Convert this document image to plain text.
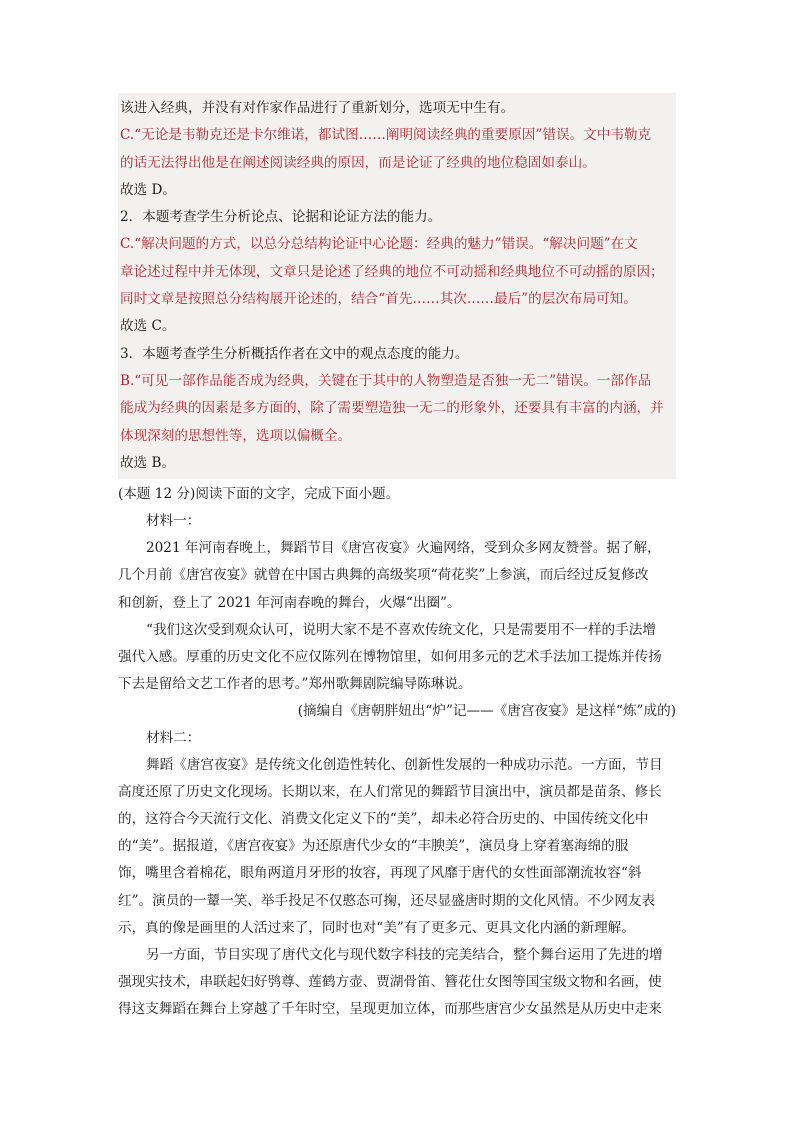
该进入经典，并没有对作家作品进行了重新划分，选项无中生有。
C.“无论是韦勒克还是卡尔维诺，都试图……阐明阅读经典的重要原因”错误。文中韦勒克
的话无法得出他是在阐述阅读经典的原因，而是论证了经典的地位稳固如泰山。
故选 D。
2．本题考查学生分析论点、论据和论证方法的能力。
C.“解决问题的方式，以总分总结构论证中心论题：经典的魅力”错误。“解决问题”在文
章论述过程中并无体现，文章只是论述了经典的地位不可动摇和经典地位不可动摇的原因；
同时文章是按照总分结构展开论述的，结合“首先……其次……最后”的层次布局可知。
故选 C。
3．本题考查学生分析概括作者在文中的观点态度的能力。
B.“可见一部作品能否成为经典，关键在于其中的人物塑造是否独一无二”错误。一部作品
能成为经典的因素是多方面的，除了需要塑造独一无二的形象外，还要具有丰富的内涵，并
体现深刻的思想性等，选项以偏概全。
故选 B。
(本题 12 分)阅读下面的文字，完成下面小题。
材料一：
2021 年河南春晚上，舞蹈节目《唐宫夜宴》火遍网络，受到众多网友赞誉。据了解，
几个月前《唐宫夜宴》就曾在中国古典舞的高级奖项“荷花奖”上参演，而后经过反复修改
和创新，登上了 2021 年河南春晚的舞台，火爆“出圈”。
“我们这次受到观众认可，说明大家不是不喜欢传统文化，只是需要用不一样的手法增
强代入感。厚重的历史文化不应仅陈列在博物馆里，如何用多元的艺术手法加工提炼并传扬
下去是留给文艺工作者的思考。”郑州歌舞剧院编导陈琳说。
(摘编自《唐朝胖妞出“炉”记——《唐宫夜宴》是这样“炼”成的)
材料二：
舞蹈《唐宫夜宴》是传统文化创造性转化、创新性发展的一种成功示范。一方面，节目
高度还原了历史文化现场。长期以来，在人们常见的舞蹈节目演出中，演员都是苗条、修长
的，这符合今天流行文化、消费文化定义下的“美”，却未必符合历史的、中国传统文化中
的“美”。据报道，《唐宫夜宴》为还原唐代少女的“丰腴美”，演员身上穿着塞海绵的服
饰，嘴里含着棉花，眼角两道月牙形的妆容，再现了风靡于唐代的女性面部潮流妆容“斜
红”。演员的一颦一笑、举手投足不仅憨态可掬，还尽显盛唐时期的文化风情。不少网友表
示，真的像是画里的人活过来了，同时也对“美”有了更多元、更具文化内涵的新理解。
另一方面，节目实现了唐代文化与现代数字科技的完美结合，整个舞台运用了先进的增
强现实技术，串联起妇好鸮尊、莲鹤方壶、贾湖骨笛、簪花仕女图等国宝级文物和名画，使
得这支舞蹈在舞台上穿越了千年时空，呈现更加立体，而那些唐宫少女虽然是从历史中走来
